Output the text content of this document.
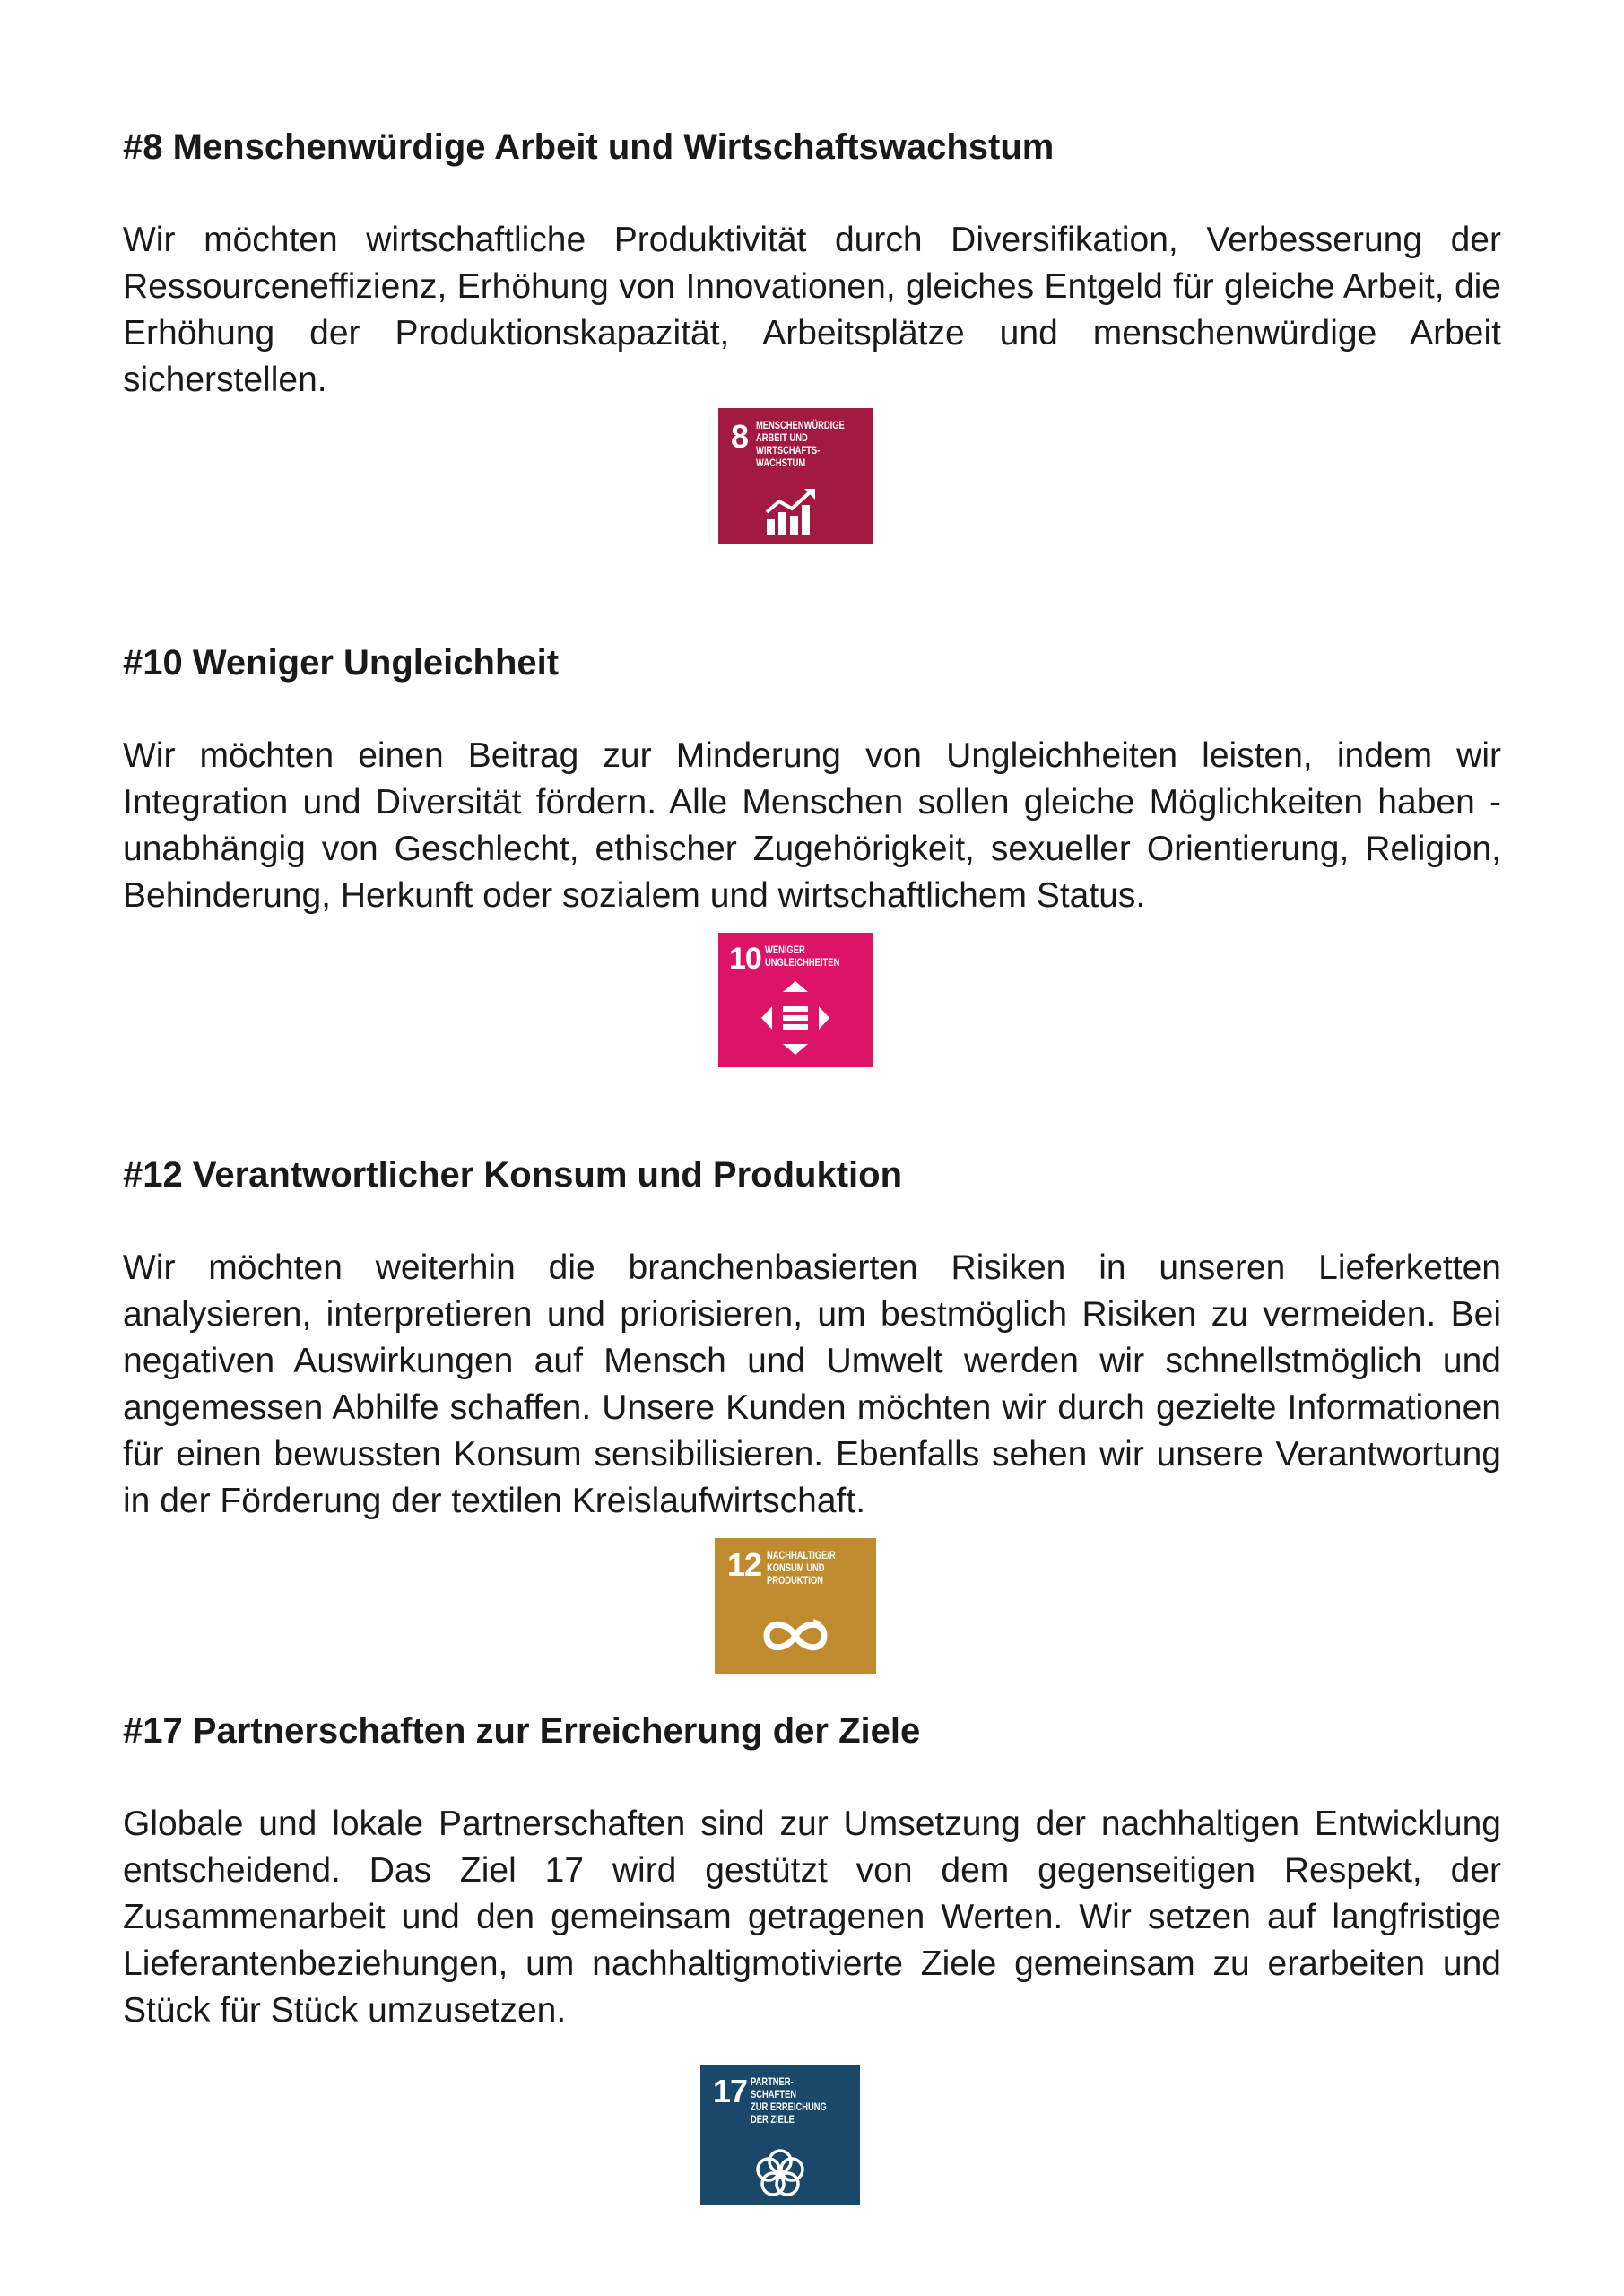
#8 Menschenwürdige Arbeit und Wirtschaftswachstum

Wir möchten wirtschaftliche Produktivität durch Diversifikation, Verbesserung der Ressourceneffizienz, Erhöhung von Innovationen, gleiches Entgeld für gleiche Arbeit, die Erhöhung der Produktionskapazität, Arbeitsplätze und menschenwürdige Arbeit sicherstellen.

8 MENSCHENWÜRDIGE
ARBEIT UND
WIRTSCHAFTS-
WACHSTUM
#10 Weniger Ungleichheit

Wir möchten einen Beitrag zur Minderung von Ungleichheiten leisten, indem wir Integration und Diversität fördern. Alle Menschen sollen gleiche Möglichkeiten haben - unabhängig von Geschlecht, ethischer Zugehörigkeit, sexueller Orientierung, Religion, Behinderung, Herkunft oder sozialem und wirtschaftlichem Status.

10 WENIGER
UNGLEICHHEITEN
#12 Verantwortlicher Konsum und Produktion

Wir möchten weiterhin die branchenbasierten Risiken in unseren Lieferketten analysieren, interpretieren und priorisieren, um bestmöglich Risiken zu vermeiden. Bei negativen Auswirkungen auf Mensch und Umwelt werden wir schnellstmöglich und angemessen Abhilfe schaffen. Unsere Kunden möchten wir durch gezielte Informationen für einen bewussten Konsum sensibilisieren. Ebenfalls sehen wir unsere Verantwortung in der Förderung der textilen Kreislaufwirtschaft.

12 NACHHALTIGE/R
KONSUM UND
PRODUKTION
#17 Partnerschaften zur Erreicherung der Ziele

Globale und lokale Partnerschaften sind zur Umsetzung der nachhaltigen Entwicklung entscheidend. Das Ziel 17 wird gestützt von dem gegenseitigen Respekt, der Zusammenarbeit und den gemeinsam getragenen Werten. Wir setzen auf langfristige Lieferantenbeziehungen, um nachhaltigmotivierte Ziele gemeinsam zu erarbeiten und Stück für Stück umzusetzen.

17 PARTNER-
SCHAFTEN
ZUR ERREICHUNG
DER ZIELE
